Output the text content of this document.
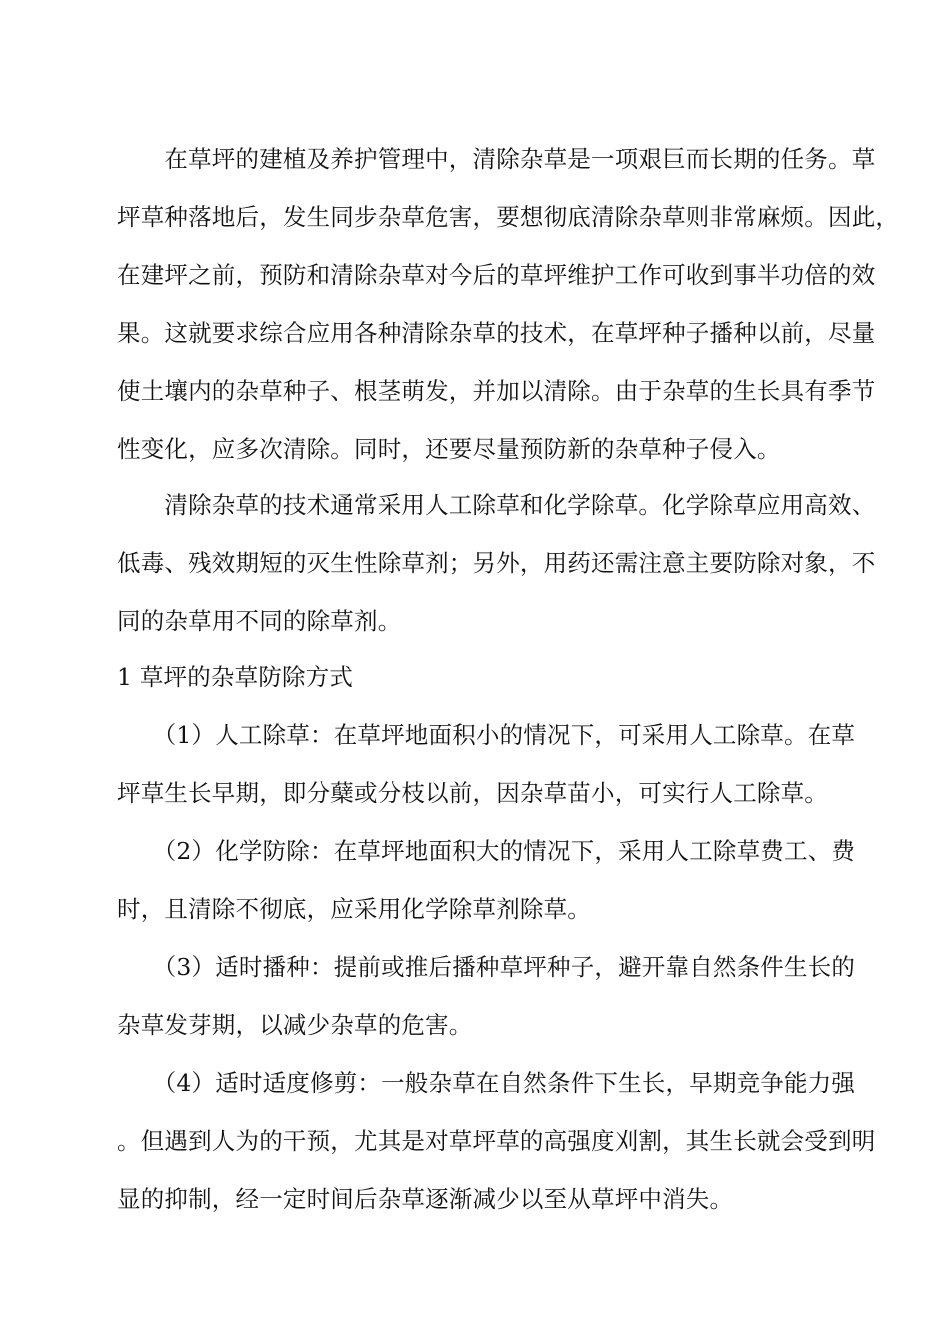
　　在草坪的建植及养护管理中，清除杂草是一项艰巨而长期的任务。草
坪草种落地后，发生同步杂草危害，要想彻底清除杂草则非常麻烦。因此，
在建坪之前，预防和清除杂草对今后的草坪维护工作可收到事半功倍的效
果。这就要求综合应用各种清除杂草的技术，在草坪种子播种以前，尽量
使土壤内的杂草种子、根茎萌发，并加以清除。由于杂草的生长具有季节
性变化，应多次清除。同时，还要尽量预防新的杂草种子侵入。
　　清除杂草的技术通常采用人工除草和化学除草。化学除草应用高效、
低毒、残效期短的灭生性除草剂；另外，用药还需注意主要防除对象，不
同的杂草用不同的除草剂。
1 草坪的杂草防除方式
　　（1）人工除草：在草坪地面积小的情况下，可采用人工除草。在草
坪草生长早期，即分蘖或分枝以前，因杂草苗小，可实行人工除草。
　　（2）化学防除：在草坪地面积大的情况下，采用人工除草费工、费
时，且清除不彻底，应采用化学除草剂除草。
　　（3）适时播种：提前或推后播种草坪种子，避开靠自然条件生长的
杂草发芽期，以减少杂草的危害。
　　（4）适时适度修剪：一般杂草在自然条件下生长，早期竞争能力强
。但遇到人为的干预，尤其是对草坪草的高强度刈割，其生长就会受到明
显的抑制，经一定时间后杂草逐渐减少以至从草坪中消失。
